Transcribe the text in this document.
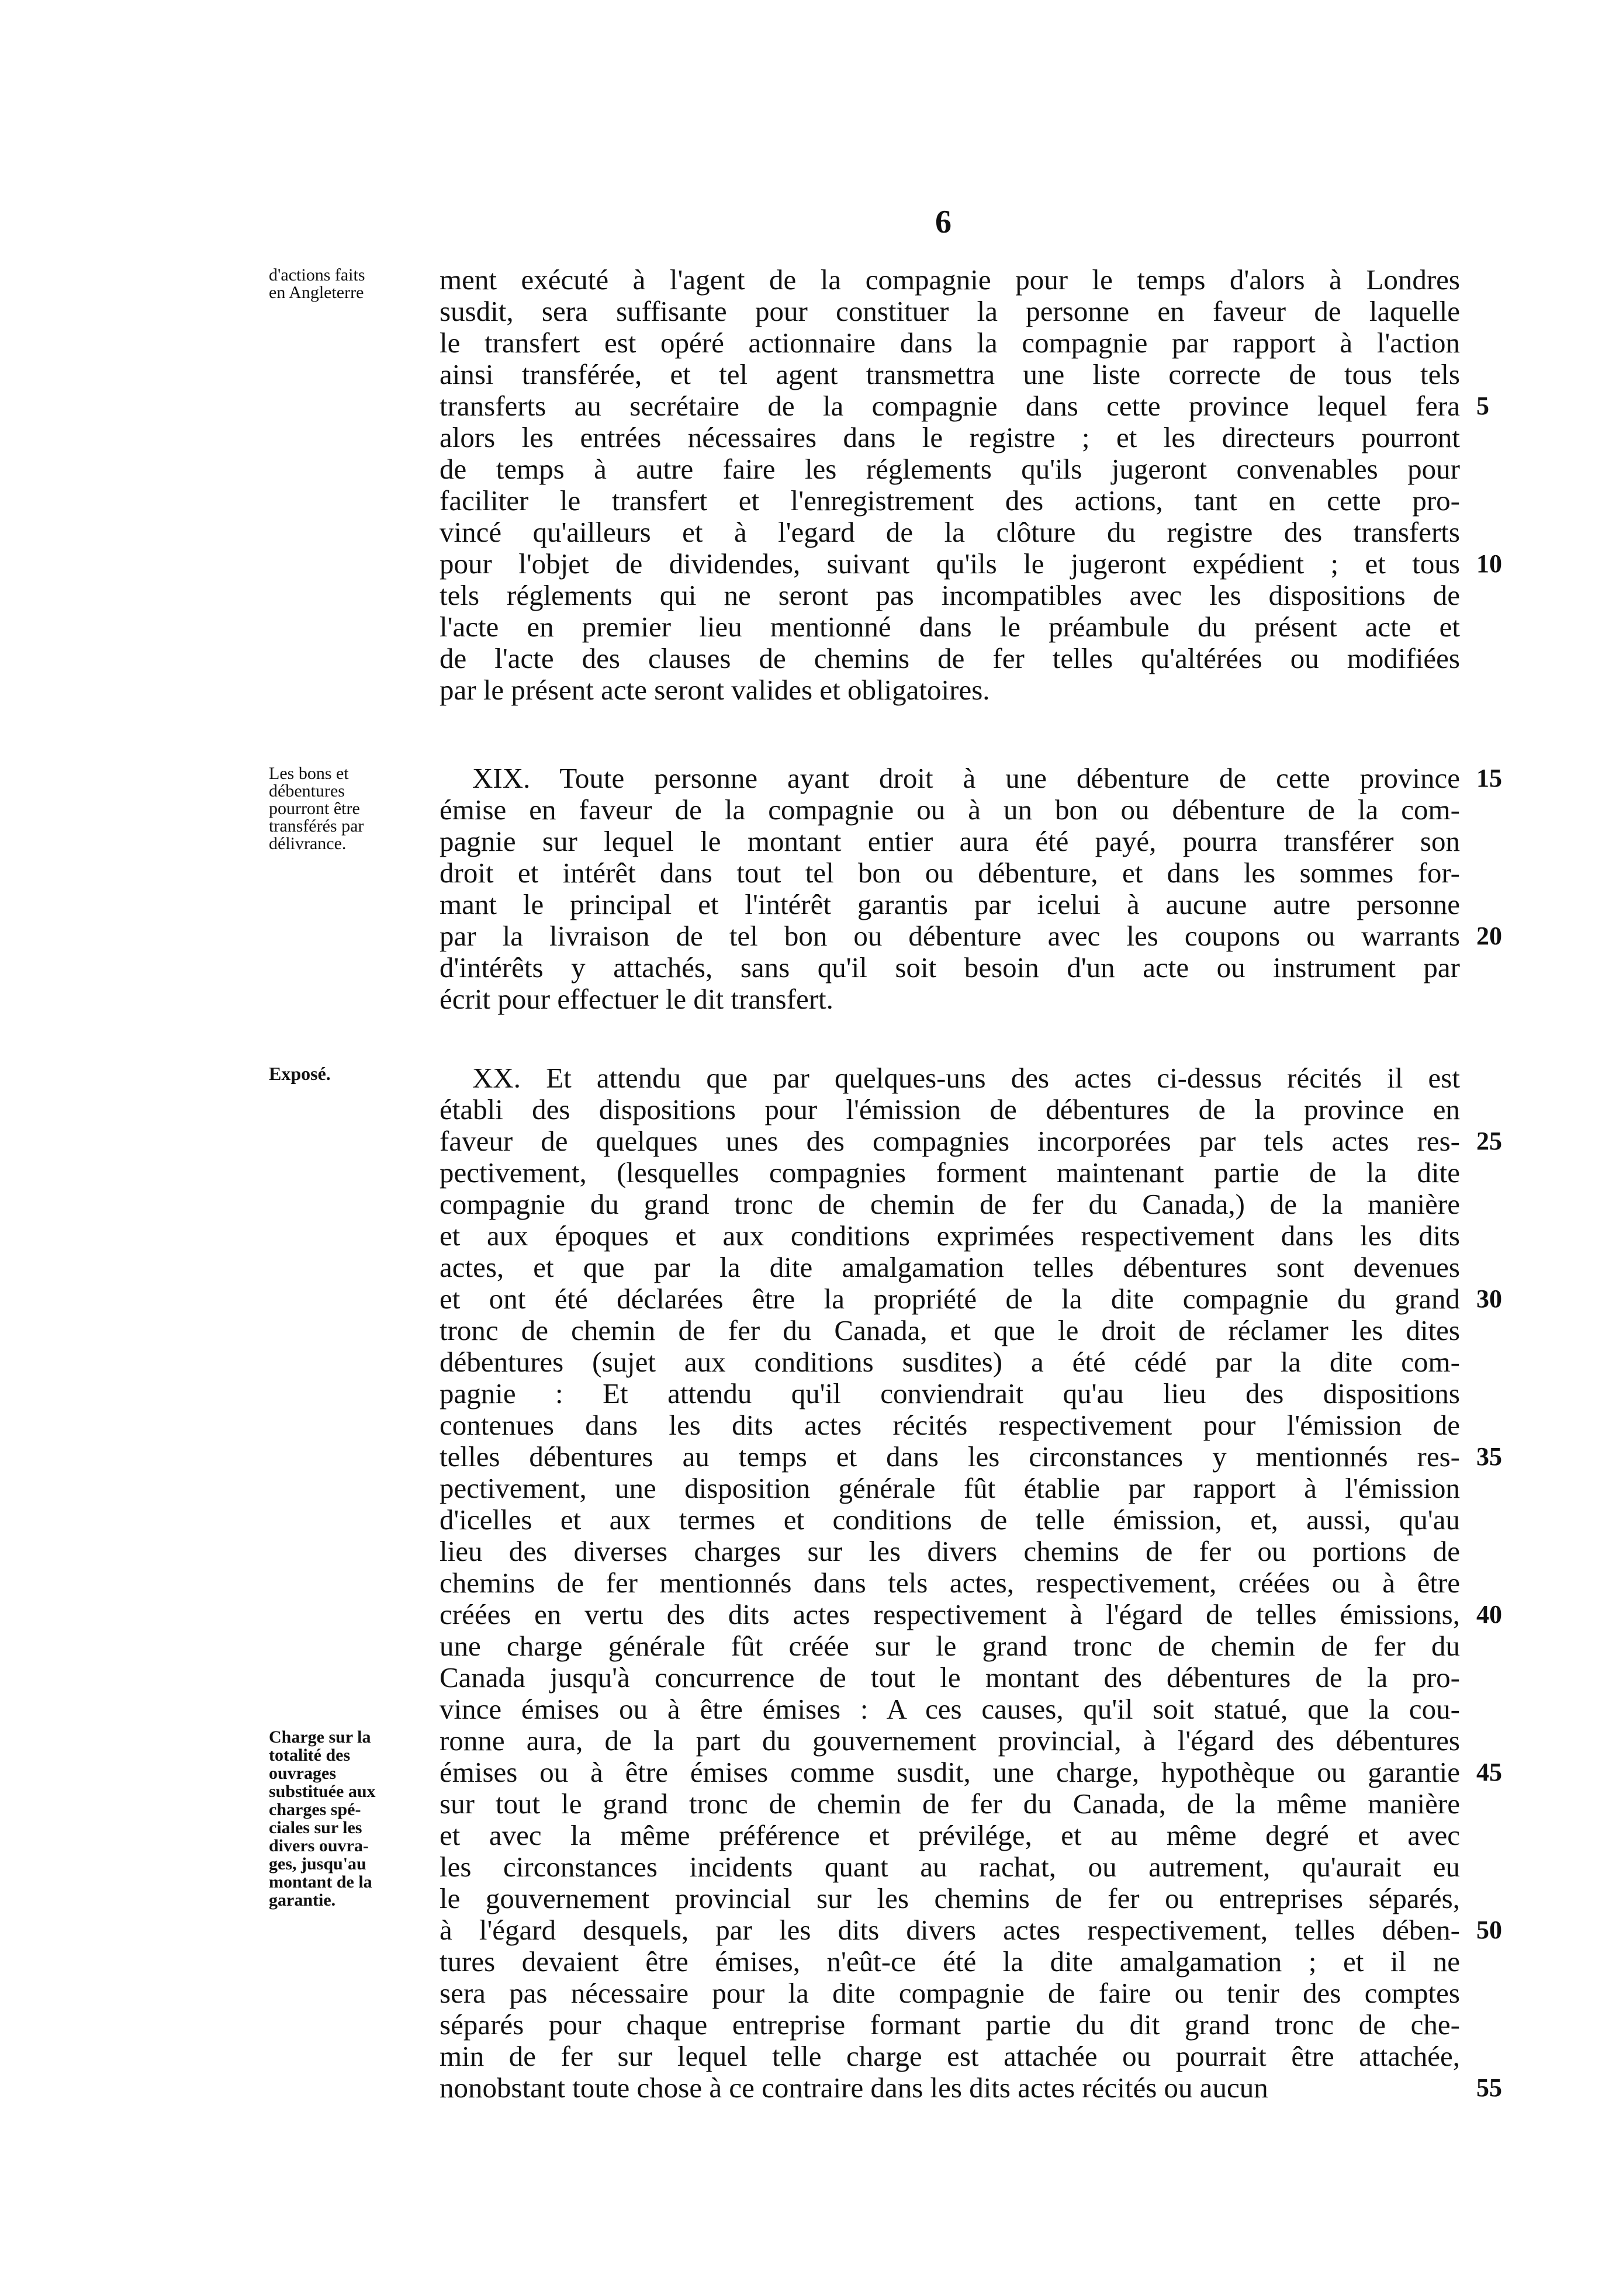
6
d'actions faits
en Angleterre	ment exécuté à l'agent de la compagnie pour le temps d'alors à Londres
susdit, sera suffisante pour constituer la personne en faveur de laquelle
le transfert est opéré actionnaire dans la compagnie par rapport à l'action
ainsi transférée, et tel agent transmettra une liste correcte de tous tels
transferts au secrétaire de la compagnie dans cette province lequel fera
alors les entrées nécessaires dans le registre ; et les directeurs pourront
de temps à autre faire les réglements qu'ils jugeront convenables pour
faciliter le transfert et l'enregistrement des actions, tant en cette pro-
vincé qu'ailleurs et à l'egard de la clôture du registre des transferts
pour l'objet de dividendes, suivant qu'ils le jugeront expédient ; et tous
tels réglements qui ne seront pas incompatibles avec les dispositions de
l'acte en premier lieu mentionné dans le préambule du présent acte et
de l'acte des clauses de chemins de fer telles qu'altérées ou modifiées
par le présent acte seront valides et obligatoires.
5
10
Les bons et
débentures
pourront être
transférés par
délivrance.
XIX. Toute personne ayant droit à une débenture de cette province
émise en faveur de la compagnie ou à un bon ou débenture de la com-
pagnie sur lequel le montant entier aura été payé, pourra transférer son
droit et intérêt dans tout tel bon ou débenture, et dans les sommes for-
mant le principal et l'intérêt garantis par icelui à aucune autre personne
par la livraison de tel bon ou débenture avec les coupons ou warrants
d'intérêts y attachés, sans qu'il soit besoin d'un acte ou instrument par
écrit pour effectuer le dit transfert.
15
20
Exposé.	XX. Et attendu que par quelques-uns des actes ci-dessus récités il est
établi des dispositions pour l'émission de débentures de la province en
faveur de quelques unes des compagnies incorporées par tels actes res-
pectivement, (lesquelles compagnies forment maintenant partie de la dite
compagnie du grand tronc de chemin de fer du Canada,) de la manière
et aux époques et aux conditions exprimées respectivement dans les dits
actes, et que par la dite amalgamation telles débentures sont devenues
et ont été déclarées être la propriété de la dite compagnie du grand
tronc de chemin de fer du Canada, et que le droit de réclamer les dites
débentures (sujet aux conditions susdites) a été cédé par la dite com-
pagnie : Et attendu qu'il conviendrait qu'au lieu des dispositions
contenues dans les dits actes récités respectivement pour l'émission de
telles débentures au temps et dans les circonstances y mentionnés res-
pectivement, une disposition générale fût établie par rapport à l'émission
d'icelles et aux termes et conditions de telle émission, et, aussi, qu'au
lieu des diverses charges sur les divers chemins de fer ou portions de
chemins de fer mentionnés dans tels actes, respectivement, créées ou à être
créées en vertu des dits actes respectivement à l'égard de telles émissions,
une charge générale fût créée sur le grand tronc de chemin de fer du
Canada jusqu'à concurrence de tout le montant des débentures de la pro-
vince émises ou à être émises : A ces causes, qu'il soit statué, que la cou-
ronne aura, de la part du gouvernement provincial, à l'égard des débentures
émises ou à être émises comme susdit, une charge, hypothèque ou garantie
sur tout le grand tronc de chemin de fer du Canada, de la même manière
et avec la même préférence et prévilége, et au même degré et avec
les circonstances incidents quant au rachat, ou autrement, qu'aurait eu
le gouvernement provincial sur les chemins de fer ou entreprises séparés,
à l'égard desquels, par les dits divers actes respectivement, telles dében-
tures devaient être émises, n'eût-ce été la dite amalgamation ; et il ne
sera pas nécessaire pour la dite compagnie de faire ou tenir des comptes
séparés pour chaque entreprise formant partie du dit grand tronc de che-
min de fer sur lequel telle charge est attachée ou pourrait être attachée,
nonobstant toute chose à ce contraire dans les dits actes récités ou aucun
25
30
35
40
45
50
55
Charge sur la
totalité des
ouvrages
substituée aux
charges spé-
ciales sur les
divers ouvra-
ges, jusqu'au
montant de la
garantie.
